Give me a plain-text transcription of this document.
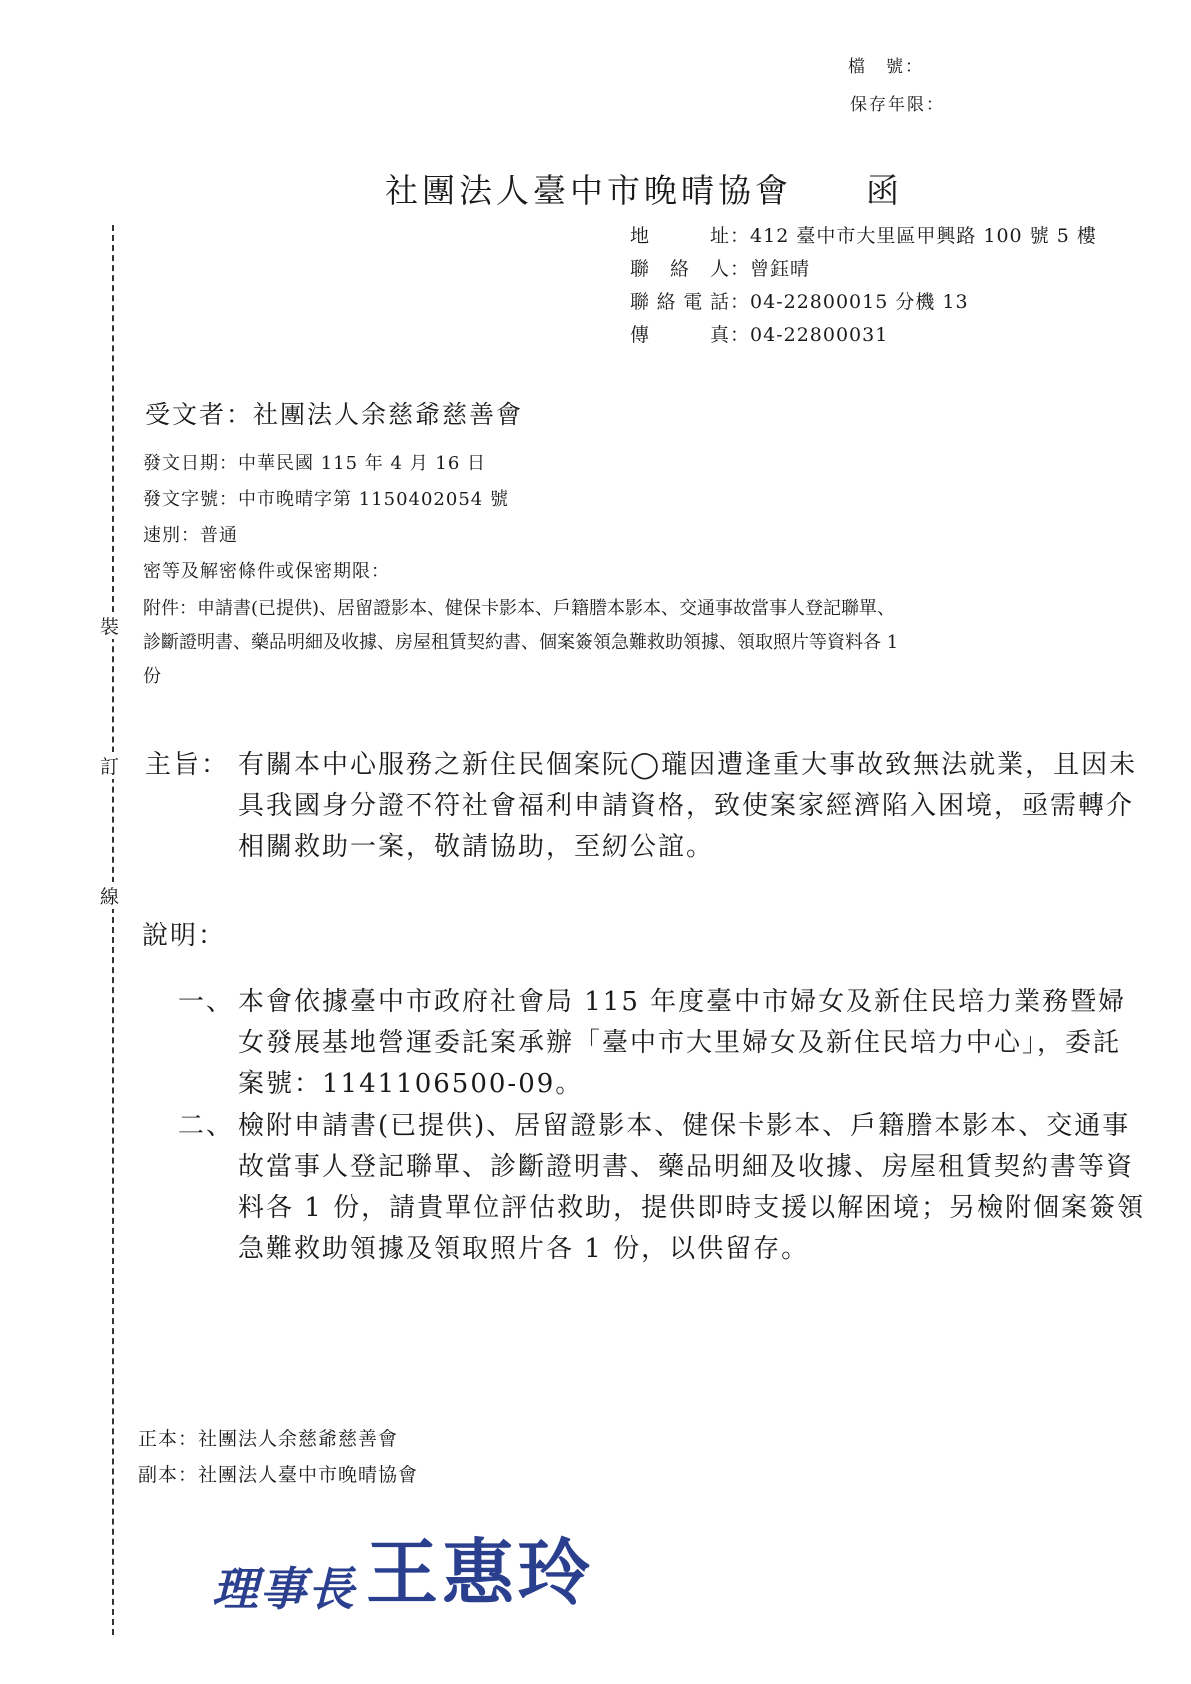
檔　號：
保存年限：
社團法人臺中市晚晴協會　　函
地　　址 ： 412 臺中市大里區甲興路 100 號 5 樓
聯 絡 人 ： 曾鈺晴
聯絡電話 ： 04-22800015 分機 13
傳　　真 ： 04-22800031
裝
訂
線
受文者：社團法人余慈爺慈善會
發文日期：中華民國 115 年 4 月 16 日
發文字號：中市晚晴字第 1150402054 號
速別：普通
密等及解密條件或保密期限：
附件：申請書(已提供)、居留證影本、健保卡影本、戶籍謄本影本、交通事故當事人登記聯單、
診斷證明書、藥品明細及收據、房屋租賃契約書、個案簽領急難救助領據、領取照片等資料各 1
份
主旨： 有關本中心服務之新住民個案阮◯瓏因遭逢重大事故致無法就業，且因未具我國身分證不符社會福利申請資格，致使案家經濟陷入困境，亟需轉介相關救助一案，敬請協助，至紉公誼。
說明：
一、 本會依據臺中市政府社會局 115 年度臺中市婦女及新住民培力業務暨婦女發展基地營運委託案承辦「臺中市大里婦女及新住民培力中心」，委託案號：1141106500-09。
二、 檢附申請書(已提供)、居留證影本、健保卡影本、戶籍謄本影本、交通事故當事人登記聯單、診斷證明書、藥品明細及收據、房屋租賃契約書等資料各 1 份，請貴單位評估救助，提供即時支援以解困境；另檢附個案簽領急難救助領據及領取照片各 1 份，以供留存。
正本：社團法人余慈爺慈善會
副本：社團法人臺中市晚晴協會
理事長 王惠玲
